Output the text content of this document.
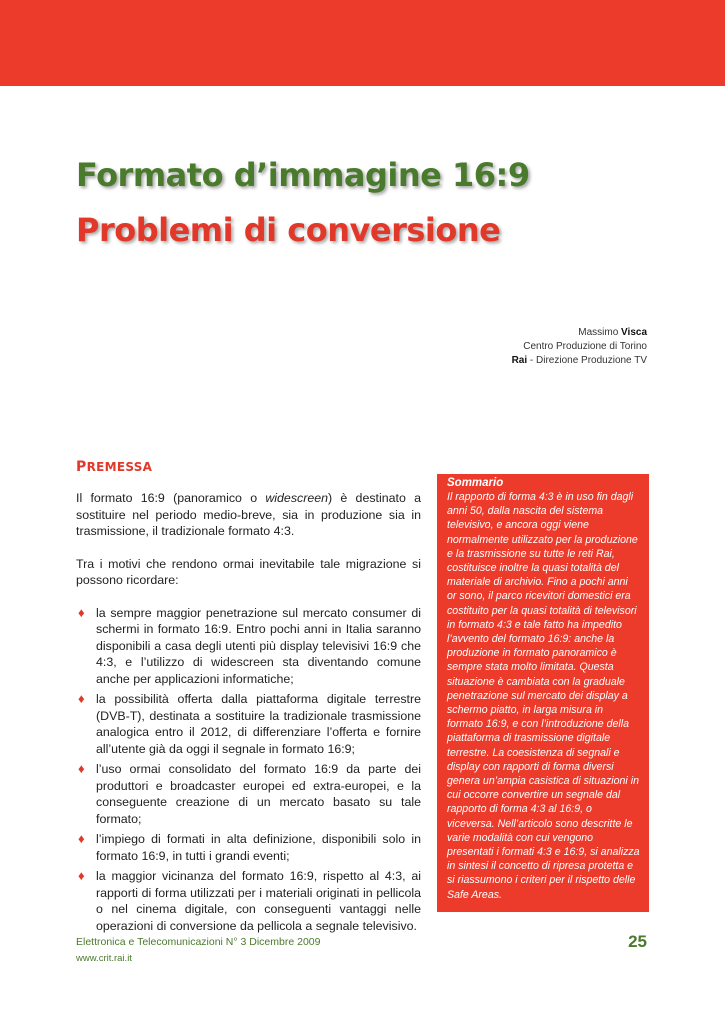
Formato d’immagine 16:9
Problemi di conversione
Massimo Visca
Centro Produzione di Torino
Rai - Direzione Produzione TV
PREMESSA

Il formato 16:9 (panoramico o widescreen) è destinato a sostituire nel periodo medio-breve, sia in produzione sia in trasmissione, il tradizionale formato 4:3.

Tra i motivi che rendono ormai inevitabile tale migrazione si possono ricordare:

♦ la sempre maggior penetrazione sul mercato consumer di schermi in formato 16:9. Entro pochi anni in Italia saranno disponibili a casa degli utenti più display televisivi 16:9 che 4:3, e l’utilizzo di widescreen sta diventando comune anche per applicazioni informatiche;
♦ la possibilità offerta dalla piattaforma digitale terrestre (DVB-T), destinata a sostituire la tradizionale trasmissione analogica entro il 2012, di differenziare l’offerta e fornire all’utente già da oggi il segnale in formato 16:9;
♦ l’uso ormai consolidato del formato 16:9 da parte dei produttori e broadcaster europei ed extra-europei, e la conseguente creazione di un mercato basato su tale formato;
♦ l’impiego di formati in alta definizione, disponibili solo in formato 16:9, in tutti i grandi eventi;
♦ la maggior vicinanza del formato 16:9, rispetto al 4:3, ai rapporti di forma utilizzati per i materiali originati in pellicola o nel cinema digitale, con conseguenti vantaggi nelle operazioni di conversione da pellicola a segnale televisivo.
Sommario

Il rapporto di forma 4:3 è in uso fin dagli anni 50, dalla nascita del sistema televisivo, e ancora oggi viene normalmente utilizzato per la produzione e la trasmissione su tutte le reti Rai, costituisce inoltre la quasi totalità del materiale di archivio. Fino a pochi anni or sono, il parco ricevitori domestici era costituito per la quasi totalità di televisori in formato 4:3 e tale fatto ha impedito l’avvento del formato 16:9: anche la produzione in formato panoramico è sempre stata molto limitata. Questa situazione è cambiata con la graduale penetrazione sul mercato dei display a schermo piatto, in larga misura in formato 16:9, e con l’introduzione della piattaforma di trasmissione digitale terrestre. La coesistenza di segnali e display con rapporti di forma diversi genera un’ampia casistica di situazioni in cui occorre convertire un segnale dal rapporto di forma 4:3 al 16:9, o viceversa. Nell’articolo sono descritte le varie modalità con cui vengono presentati i formati 4:3 e 16:9, si analizza in sintesi il concetto di ripresa protetta e si riassumono i criteri per il rispetto delle Safe Areas.

Elettronica e Telecomunicazioni N° 3 Dicembre 2009
www.crit.rai.it
25
